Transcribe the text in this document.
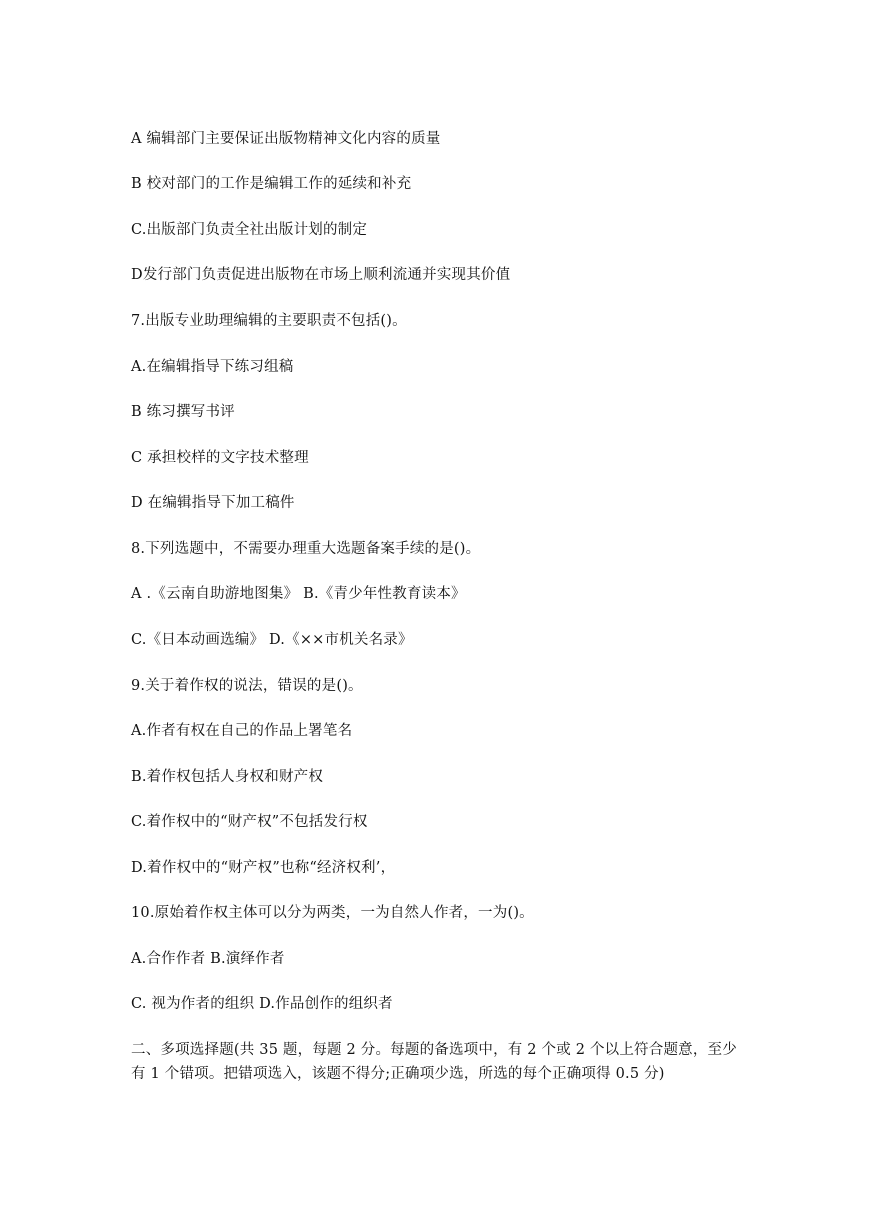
A 编辑部门主要保证出版物精神文化内容的质量
B 校对部门的工作是编辑工作的延续和补充
C.出版部门负责全社出版计划的制定
D发行部门负责促进出版物在市场上顺利流通并实现其价值
7.出版专业助理编辑的主要职责不包括()。
A.在编辑指导下练习组稿
B 练习撰写书评
C 承担校样的文字技术整理
D 在编辑指导下加工稿件
8.下列选题中，不需要办理重大选题备案手续的是()。
A .《云南自助游地图集》 B.《青少年性教育读本》
C.《日本动画选编》 D.《××市机关名录》
9.关于着作权的说法，错误的是()。
A.作者有权在自己的作品上署笔名
B.着作权包括人身权和财产权
C.着作权中的“财产权”不包括发行权
D.着作权中的“财产权”也称“经济权利’，
10.原始着作权主体可以分为两类，一为自然人作者，一为()。
A.合作作者 B.演绎作者
C. 视为作者的组织 D.作品创作的组织者
二、多项选择题(共 35 题，每题 2 分。每题的备选项中，有 2 个或 2 个以上符合题意，至少有 1 个错项。把错项选入，该题不得分;正确项少选，所选的每个正确项得 0.5 分)
